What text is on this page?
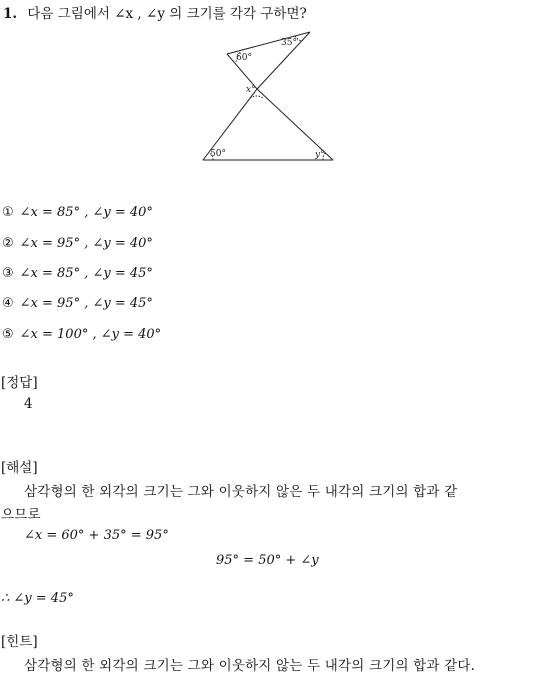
1. 다음 그림에서 ∠x , ∠y 의 크기를 각각 구하면?
35°
60°
x°
50°	y°
① ∠x = 85° , ∠y = 40°
② ∠x = 95° , ∠y = 40°
③ ∠x = 85° , ∠y = 45°
④ ∠x = 95° , ∠y = 45°
⑤ ∠x = 100° , ∠y = 40°
[정답]
4
[해설]
삼각형의 한 외각의 크기는 그와 이웃하지 않은 두 내각의 크기의 합과 같
으므로
∠x = 60° + 35° = 95°
95° = 50° + ∠y
∴ ∠y = 45°
[힌트]
삼각형의 한 외각의 크기는 그와 이웃하지 않는 두 내각의 크기의 합과 같다.
